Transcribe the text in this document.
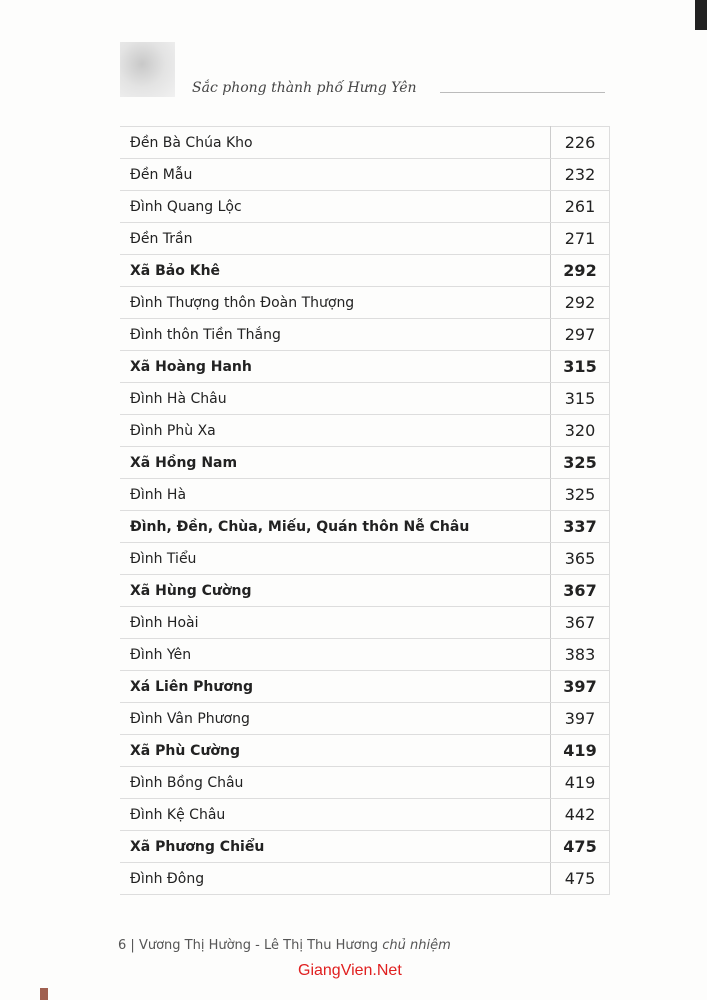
Sắc phong thành phố Hưng Yên
Đền Bà Chúa Kho	226
Đền Mẫu	232
Đình Quang Lộc	261
Đền Trần	271
Xã Bảo Khê	292
Đình Thượng thôn Đoàn Thượng	292
Đình thôn Tiền Thắng	297
Xã Hoàng Hanh	315
Đình Hà Châu	315
Đình Phù Xa	320
Xã Hồng Nam	325
Đình Hà	325
Đình, Đền, Chùa, Miếu, Quán thôn Nễ Châu	337
Đình Tiểu	365
Xã Hùng Cường	367
Đình Hoài	367
Đình Yên	383
Xá Liên Phương	397
Đình Vân Phương	397
Xã Phù Cường	419
Đình Bồng Châu	419
Đình Kệ Châu	442
Xã Phương Chiểu	475
Đình Đông	475
6 | Vương Thị Hường - Lê Thị Thu Hương chủ nhiệm
GiangVien.Net
